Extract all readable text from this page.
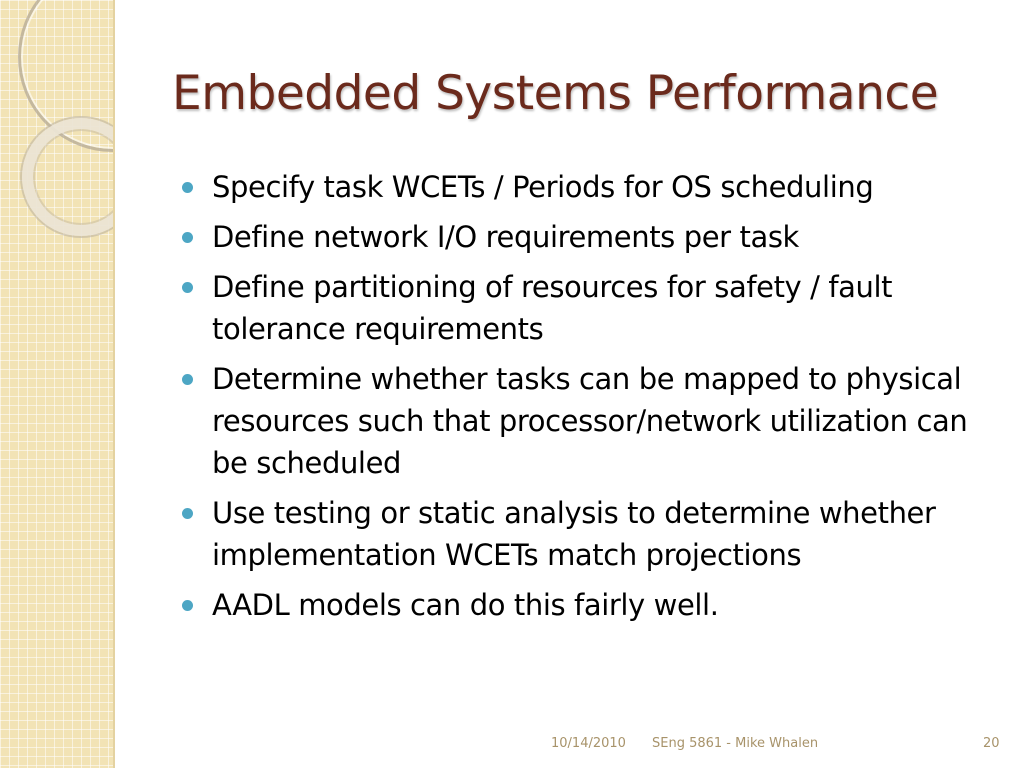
Embedded Systems Performance
Specify task WCETs / Periods for OS scheduling
Define network I/O requirements per task
Define partitioning of resources for safety / fault tolerance requirements
Determine whether tasks can be mapped to physical resources such that processor/network utilization can be scheduled
Use testing or static analysis to determine whether implementation WCETs match projections
AADL models can do this fairly well.
10/14/2010 SEng 5861 - Mike Whalen	20
